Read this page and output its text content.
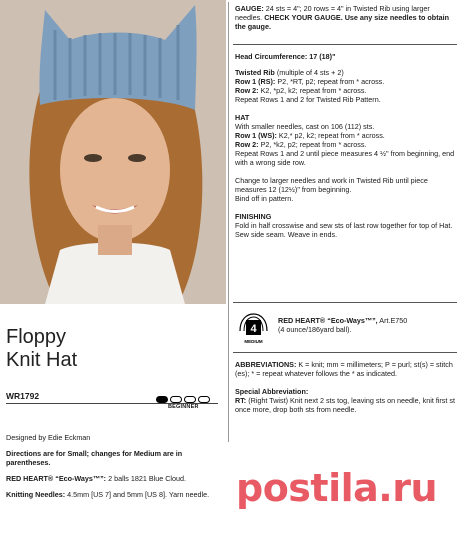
Floppy
Knit Hat
WR1792
BEGINNER

Designed by Edie Eckman

Directions are for Small; changes for Medium are in parentheses.

RED HEART® “Eco-Ways™”: 2 balls 1821 Blue Cloud.

Knitting Needles: 4.5mm [US 7] and 5mm [US 8]. Yarn needle.

GAUGE: 24 sts = 4"; 20 rows = 4" in Twisted Rib using larger needles. CHECK YOUR GAUGE. Use any size needles to obtain the gauge.

Head Circumference: 17 (18)"

Twisted Rib (multiple of 4 sts + 2)

Row 1 (RS): P2, *RT, p2; repeat from * across.

Row 2: K2, *p2, k2; repeat from * across.

Repeat Rows 1 and 2 for Twisted Rib Pattern.

HAT

With smaller needles, cast on 106 (112) sts.

Row 1 (WS): K2,* p2, k2; repeat from * across.

Row 2: P2, *k2, p2; repeat from * across.

Repeat Rows 1 and 2 until piece measures 4 ½" from beginning, end with a wrong side row.

Change to larger needles and work in Twisted Rib until piece measures 12 (12½)" from beginning.

Bind off in pattern.

FINISHING

Fold in half crosswise and sew sts of last row together for top of Hat. Sew side seam. Weave in ends.

4
MEDIUM
RED HEART® “Eco-Ways™”, Art.E750
(4 ounce/186yard ball).

ABBREVIATIONS: K = knit; mm = millimeters; P = purl; st(s) = stitch (es); * = repeat whatever follows the * as indicated.

Special Abbreviation:

RT: (Right Twist) Knit next 2 sts tog, leaving sts on needle, knit first st once more, drop both sts from needle.

postila.ru
